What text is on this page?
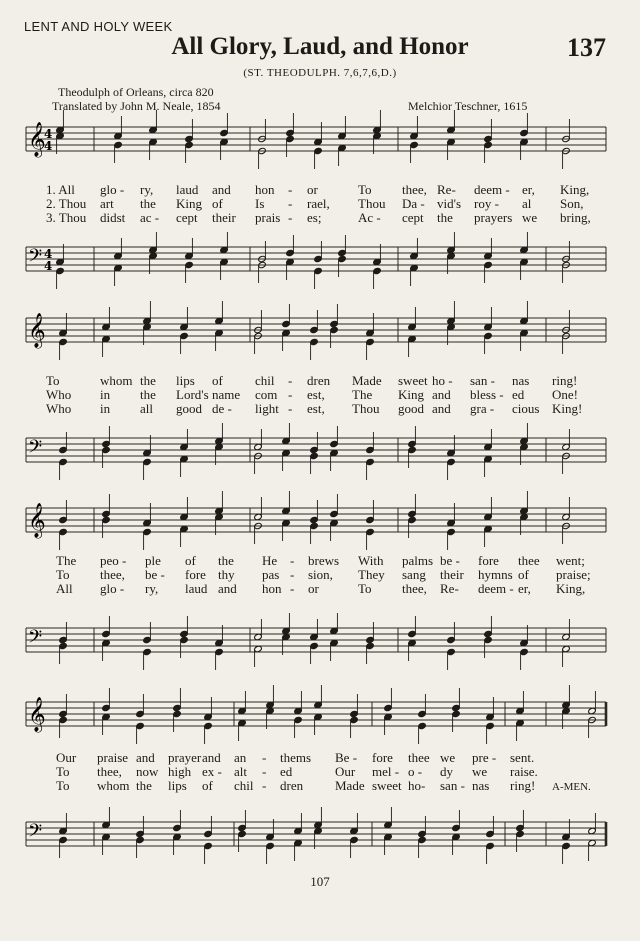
LENT AND HOLY WEEK
All Glory, Laud, and Honor	137
(ST. THEODULPH. 7,6,7,6,D.)
Theodulph of Orleans, circa 820
Translated by John M. Neale, 1854	Melchior Teschner, 1615
𝄞
4
4
𝄢 4
4
𝄞
𝄢
𝄞
𝄢
𝄞
𝄢
1. All glo - ry, laud and hon - or	To thee, Re- deem - er, King,
2. Thou art the King of Is - rael, Thou Da - vid's roy - al Son,
3. Thou didst ac - cept their prais - es;	Ac - cept the prayers we bring,
To	whom the lips of chil - dren Made sweet ho - san - nas ring!
Who in the Lord's name com - est, The King and bless - ed One!
Who in all good de - light - est, Thou good and gra - cious King!
The peo - ple of the He - brews With palms be - fore thee went;
To thee, be - fore thy pas - sion, They sang their hymns of praise;
All glo - ry, laud and hon - or	To thee, Re- deem - er, King,
Our praise and prayer and an - thems Be - fore thee we pre - sent.
To thee, now high ex - alt - ed	Our mel - o - dy we raise.
To whom the lips of chil - dren Made sweet ho- san - nas ring! A-MEN.
107
